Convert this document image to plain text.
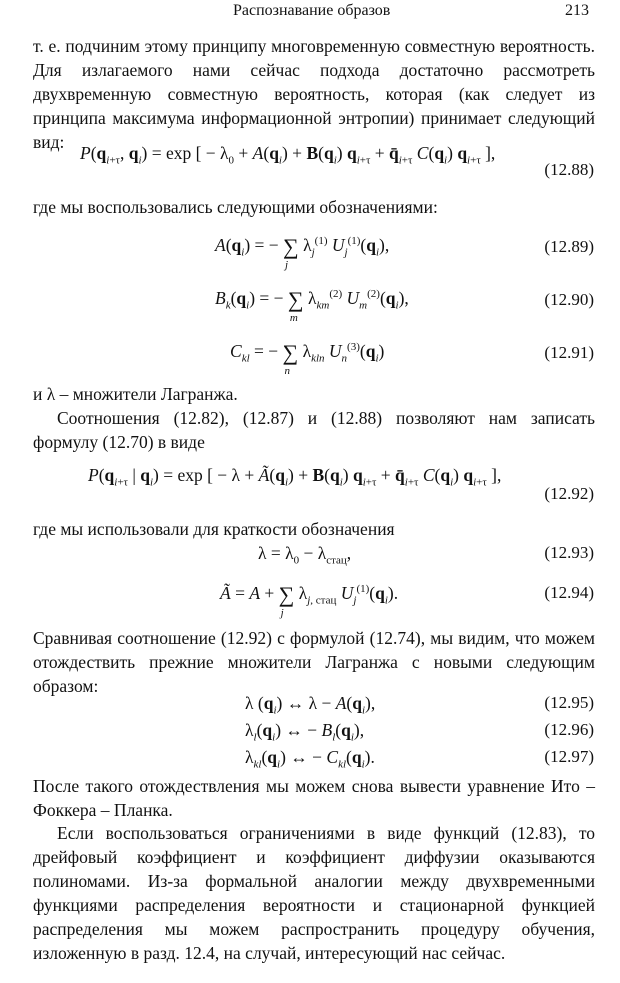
Распознавание образов	213
т. е. подчиним этому принципу многовременную совместную вероятность. Для излагаемого нами сейчас подхода достаточно рассмотреть двухвременную совместную вероятность, которая (как следует из принципа максимума информационной энтропии) принимает следующий вид:
$P(q_{i+\tau}$, $q_i) = \exp$ [ − $\lambda_0 + A(q_i) + B(q_i) q_{i+\tau}$ + $q̄_{i+\tau}$ $C(q_i)$ $q_{i+\tau}$ ],
(12.88)
где мы воспользовались следующими обозначениями:
$A(q_i)$ = − ∑
j
$\lambda_j^{(1)}$ $U_j^{(1)}(q_i)$,	(12.89)
$B_k(q_i)$ = − ∑
m
$\lambda_{km}^{(2)}$ $U_m^{(2)}(q_i)$,	(12.90)
$C_{kl}$ = − ∑
n
$\lambda_{kln}$ $U_n^{(3)}(q_i)$	(12.91)
и λ – множители Лагранжа.
Соотношения (12.82), (12.87) и (12.88) позволяют нам записать формулу (12.70) в виде
$P(q_{i+\tau}$ | $q_i) = \exp$ [ − $\lambda + Ã(q_i) + B(q_i) q_{i+\tau}$ + $q̄_{i+\tau}$ $C(q_i)$ $q_{i+\tau}$ ],
(12.92)
где мы использовали для краткости обозначения
$\lambda = \lambda_0 - \lambda_{стац}$,	(12.93)
Ã = A + ∑
j
$\lambda_{j, стац}$ $U_j^{(1)}(q_i)$.	(12.94)
Сравнивая соотношение (12.92) с формулой (12.74), мы видим, что можем отождествить прежние множители Лагранжа с новыми следующим образом:
λ $(q_i)$ ↔ $\lambda - A(q_i)$,	(12.95)
$\lambda_l(q_i)$ ↔ − $B_l(q_i)$,	(12.96)
$\lambda_{kl}(q_i)$ ↔ − $C_{kl}(q_i)$.	(12.97)
После такого отождествления мы можем снова вывести уравнение Ито – Фоккера – Планка.
Если воспользоваться ограничениями в виде функций (12.83), то дрейфовый коэффициент и коэффициент диффузии оказываются полиномами. Из-за формальной аналогии между двухвременными функциями распределения вероятности и стационарной функцией распределения мы можем распространить процедуру обучения, изложенную в разд. 12.4, на случай, интересующий нас сейчас.
